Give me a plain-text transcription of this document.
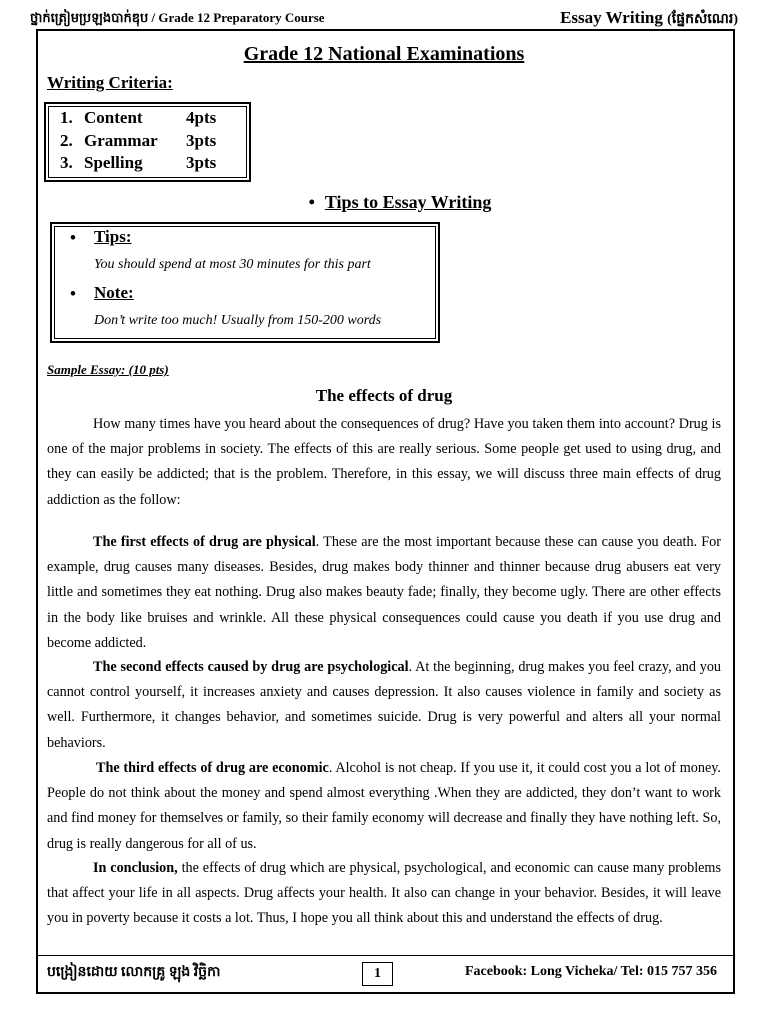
ថ្នាក់ត្រៀមប្រឡងបាក់ឌុប / Grade 12 Preparatory Course	Essay Writing (ផ្នែកសំណេរ)
Grade 12 National Examinations
Writing Criteria:
1. Content	4pts
2. Grammar 3pts
3. Spelling	3pts
• Tips to Essay Writing
• Tips:
You should spend at most 30 minutes for this part
• Note:
Don’t write too much! Usually from 150-200 words
Sample Essay: (10 pts)
The effects of drug

How many times have you heard about the consequences of drug? Have you taken them into account? Drug is one of the major problems in society. The effects of this are really serious. Some people get used to using drug, and they can easily be addicted; that is the problem. Therefore, in this essay, we will discuss three main effects of drug addiction as the follow:

The first effects of drug are physical. These are the most important because these can cause you death. For example, drug causes many diseases. Besides, drug makes body thinner and thinner because drug abusers eat very little and sometimes they eat nothing. Drug also makes beauty fade; finally, they become ugly. There are other effects in the body like bruises and wrinkle. All these physical consequences could cause you death if you use drug and become addicted.

The second effects caused by drug are psychological. At the beginning, drug makes you feel crazy, and you cannot control yourself, it increases anxiety and causes depression. It also causes violence in family and society as well. Furthermore, it changes behavior, and sometimes suicide. Drug is very powerful and alters all your normal behaviors.

The third effects of drug are economic. Alcohol is not cheap. If you use it, it could cost you a lot of money. People do not think about the money and spend almost everything .When they are addicted, they don’t want to work and find money for themselves or family, so their family economy will decrease and finally they have nothing left. So, drug is really dangerous for all of us.

In conclusion, the effects of drug which are physical, psychological, and economic can cause many problems that affect your life in all aspects. Drug affects your health. It also can change in your behavior. Besides, it will leave you in poverty because it costs a lot. Thus, I hope you all think about this and understand the effects of drug.

បង្រៀនដោយ លោកគ្រូ ឡុង វិច្ឆិកា	1	Facebook: Long Vicheka/ Tel: 015 757 356
